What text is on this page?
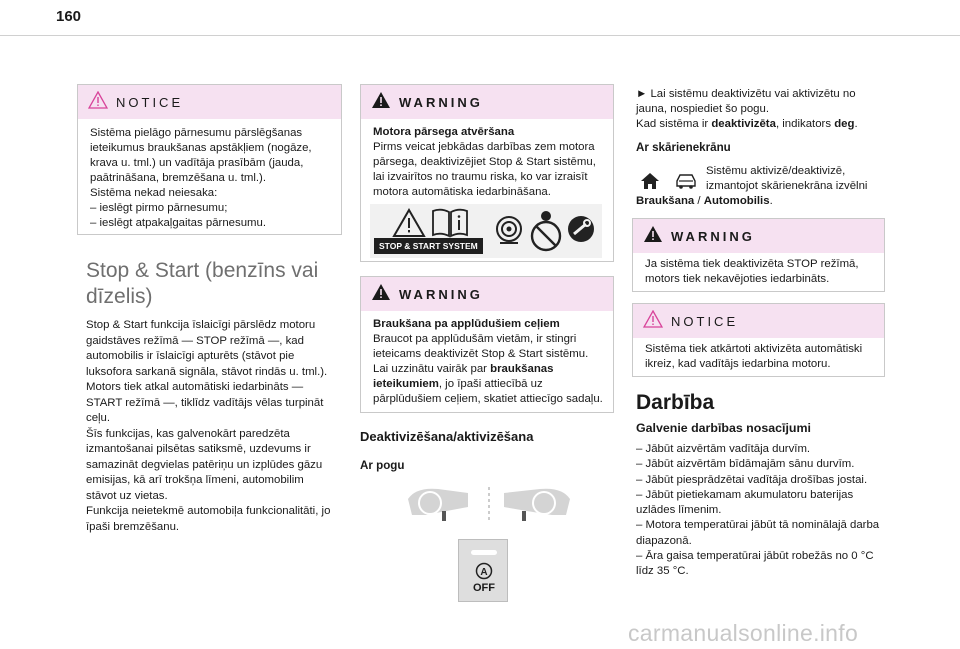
160
NOTICE
Sistēma pielāgo pārnesumu pārslēgšanas
ieteikumus braukšanas apstākļiem (nogāze,
krava u. tml.) un vadītāja prasībām (jauda,
paātrināšana, bremzēšana u. tml.).
Sistēma nekad neiesaka:
– ieslēgt pirmo pārnesumu;
– ieslēgt atpakaļgaitas pārnesumu.
Stop & Start (benzīns vai
dīzelis)
Stop & Start funkcija īslaicīgi pārslēdz motoru
gaidstāves režīmā — STOP režīmā —, kad
automobilis ir īslaicīgi apturēts (stāvot pie
luksofora sarkanā signāla, stāvot rindās u. tml.).
Motors tiek atkal automātiski iedarbināts —
START režīmā —, tiklīdz vadītājs vēlas turpināt
ceļu.
Šīs funkcijas, kas galvenokārt paredzēta
izmantošanai pilsētas satiksmē, uzdevums ir
samazināt degvielas patēriņu un izplūdes gāzu
emisijas, kā arī trokšņa līmeni, automobilim
stāvot uz vietas.
Funkcija neietekmē automobiļa funkcionalitāti, jo
īpaši bremzēšanu.
WARNING
Motora pārsega atvēršana
Pirms veicat jebkādas darbības zem motora
pārsega, deaktivizējiet Stop & Start sistēmu,
lai izvairītos no traumu riska, ko var izraisīt
motora automātiska iedarbināšana.
STOP & START SYSTEM
WARNING
Braukšana pa applūdušiem ceļiem
Braucot pa applūdušām vietām, ir stingri
ieteicams deaktivizēt Stop & Start sistēmu.
Lai uzzinātu vairāk par braukšanas
ieteikumiem, jo īpaši attiecībā uz
pārplūdušiem ceļiem, skatiet attiecīgo sadaļu.
Deaktivizēšana/aktivizēšana
Ar pogu
A
OFF
► Lai sistēmu deaktivizētu vai aktivizētu no
jauna, nospiediet šo pogu.
Kad sistēma ir deaktivizēta, indikators deg.
Ar skārienekrānu
Sistēmu aktivizē/deaktivizē,
izmantojot skārienekrāna izvēlni
Braukšana / Automobilis.
WARNING
Ja sistēma tiek deaktivizēta STOP režīmā,
motors tiek nekavējoties iedarbināts.
NOTICE
Sistēma tiek atkārtoti aktivizēta automātiski
ikreiz, kad vadītājs iedarbina motoru.
Darbība
Galvenie darbības nosacījumi
– Jābūt aizvērtām vadītāja durvīm.
– Jābūt aizvērtām bīdāmajām sānu durvīm.
– Jābūt piesprādzētai vadītāja drošības jostai.
– Jābūt pietiekamam akumulatoru baterijas
uzlādes līmenim.
– Motora temperatūrai jābūt tā nominālajā darba
diapazonā.
– Āra gaisa temperatūrai jābūt robežās no 0 °C
līdz 35 °C.
carmanualsonline.info
